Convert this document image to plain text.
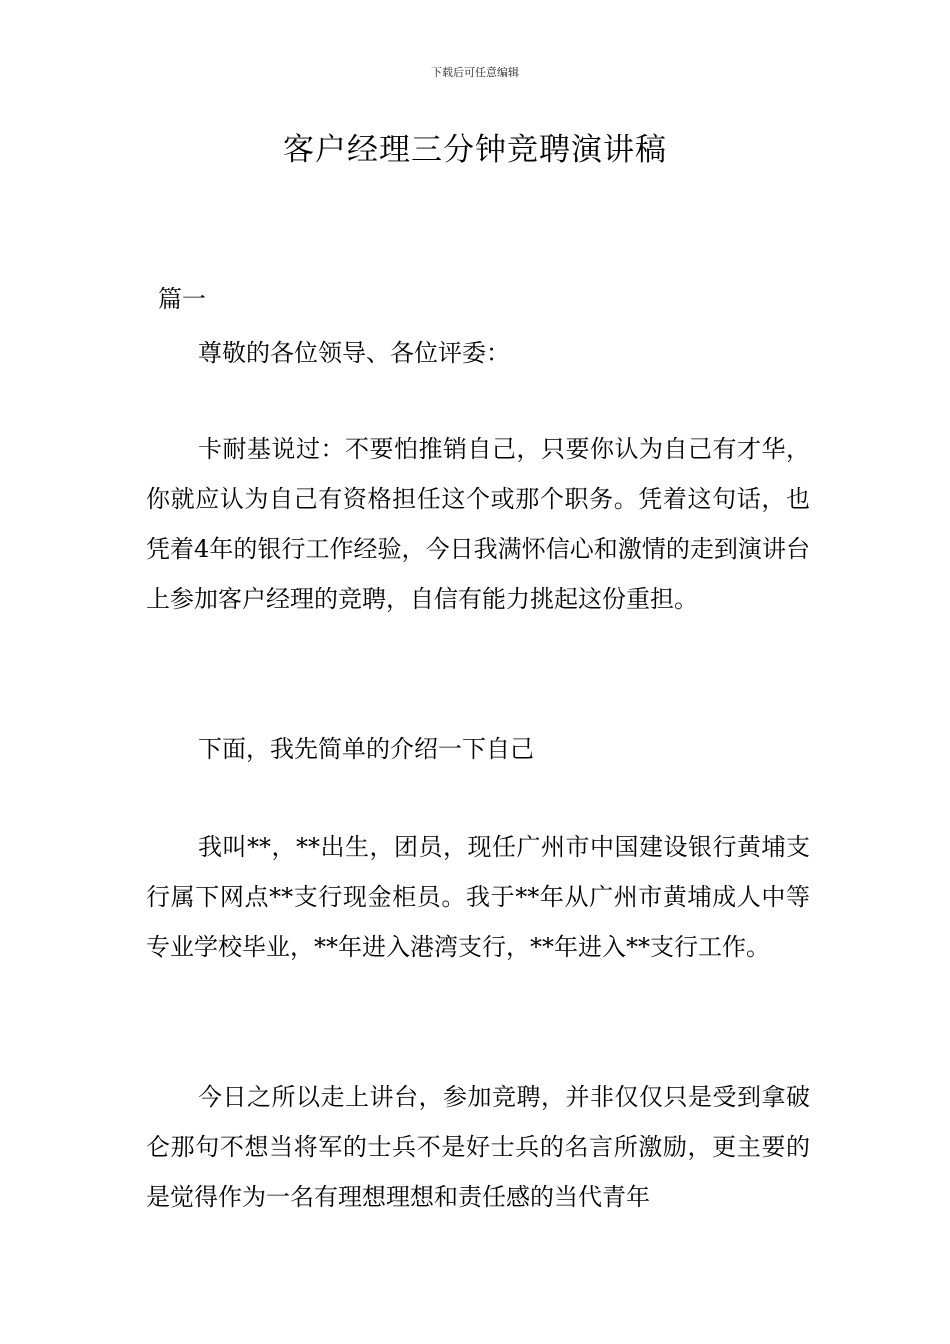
下载后可任意编辑
客户经理三分钟竞聘演讲稿
篇一

尊敬的各位领导、各位评委：

卡耐基说过：不要怕推销自己，只要你认为自己有才华，你就应认为自己有资格担任这个或那个职务。凭着这句话，也凭着4年的银行工作经验，今日我满怀信心和激情的走到演讲台上参加客户经理的竞聘，自信有能力挑起这份重担。

下面，我先简单的介绍一下自己

我叫**，**出生，团员，现任广州市中国建设银行黄埔支行属下网点**支行现金柜员。我于**年从广州市黄埔成人中等专业学校毕业，**年进入港湾支行，**年进入**支行工作。

今日之所以走上讲台，参加竞聘，并非仅仅只是受到拿破仑那句不想当将军的士兵不是好士兵的名言所激励，更主要的是觉得作为一名有理想理想和责任感的当代青年
